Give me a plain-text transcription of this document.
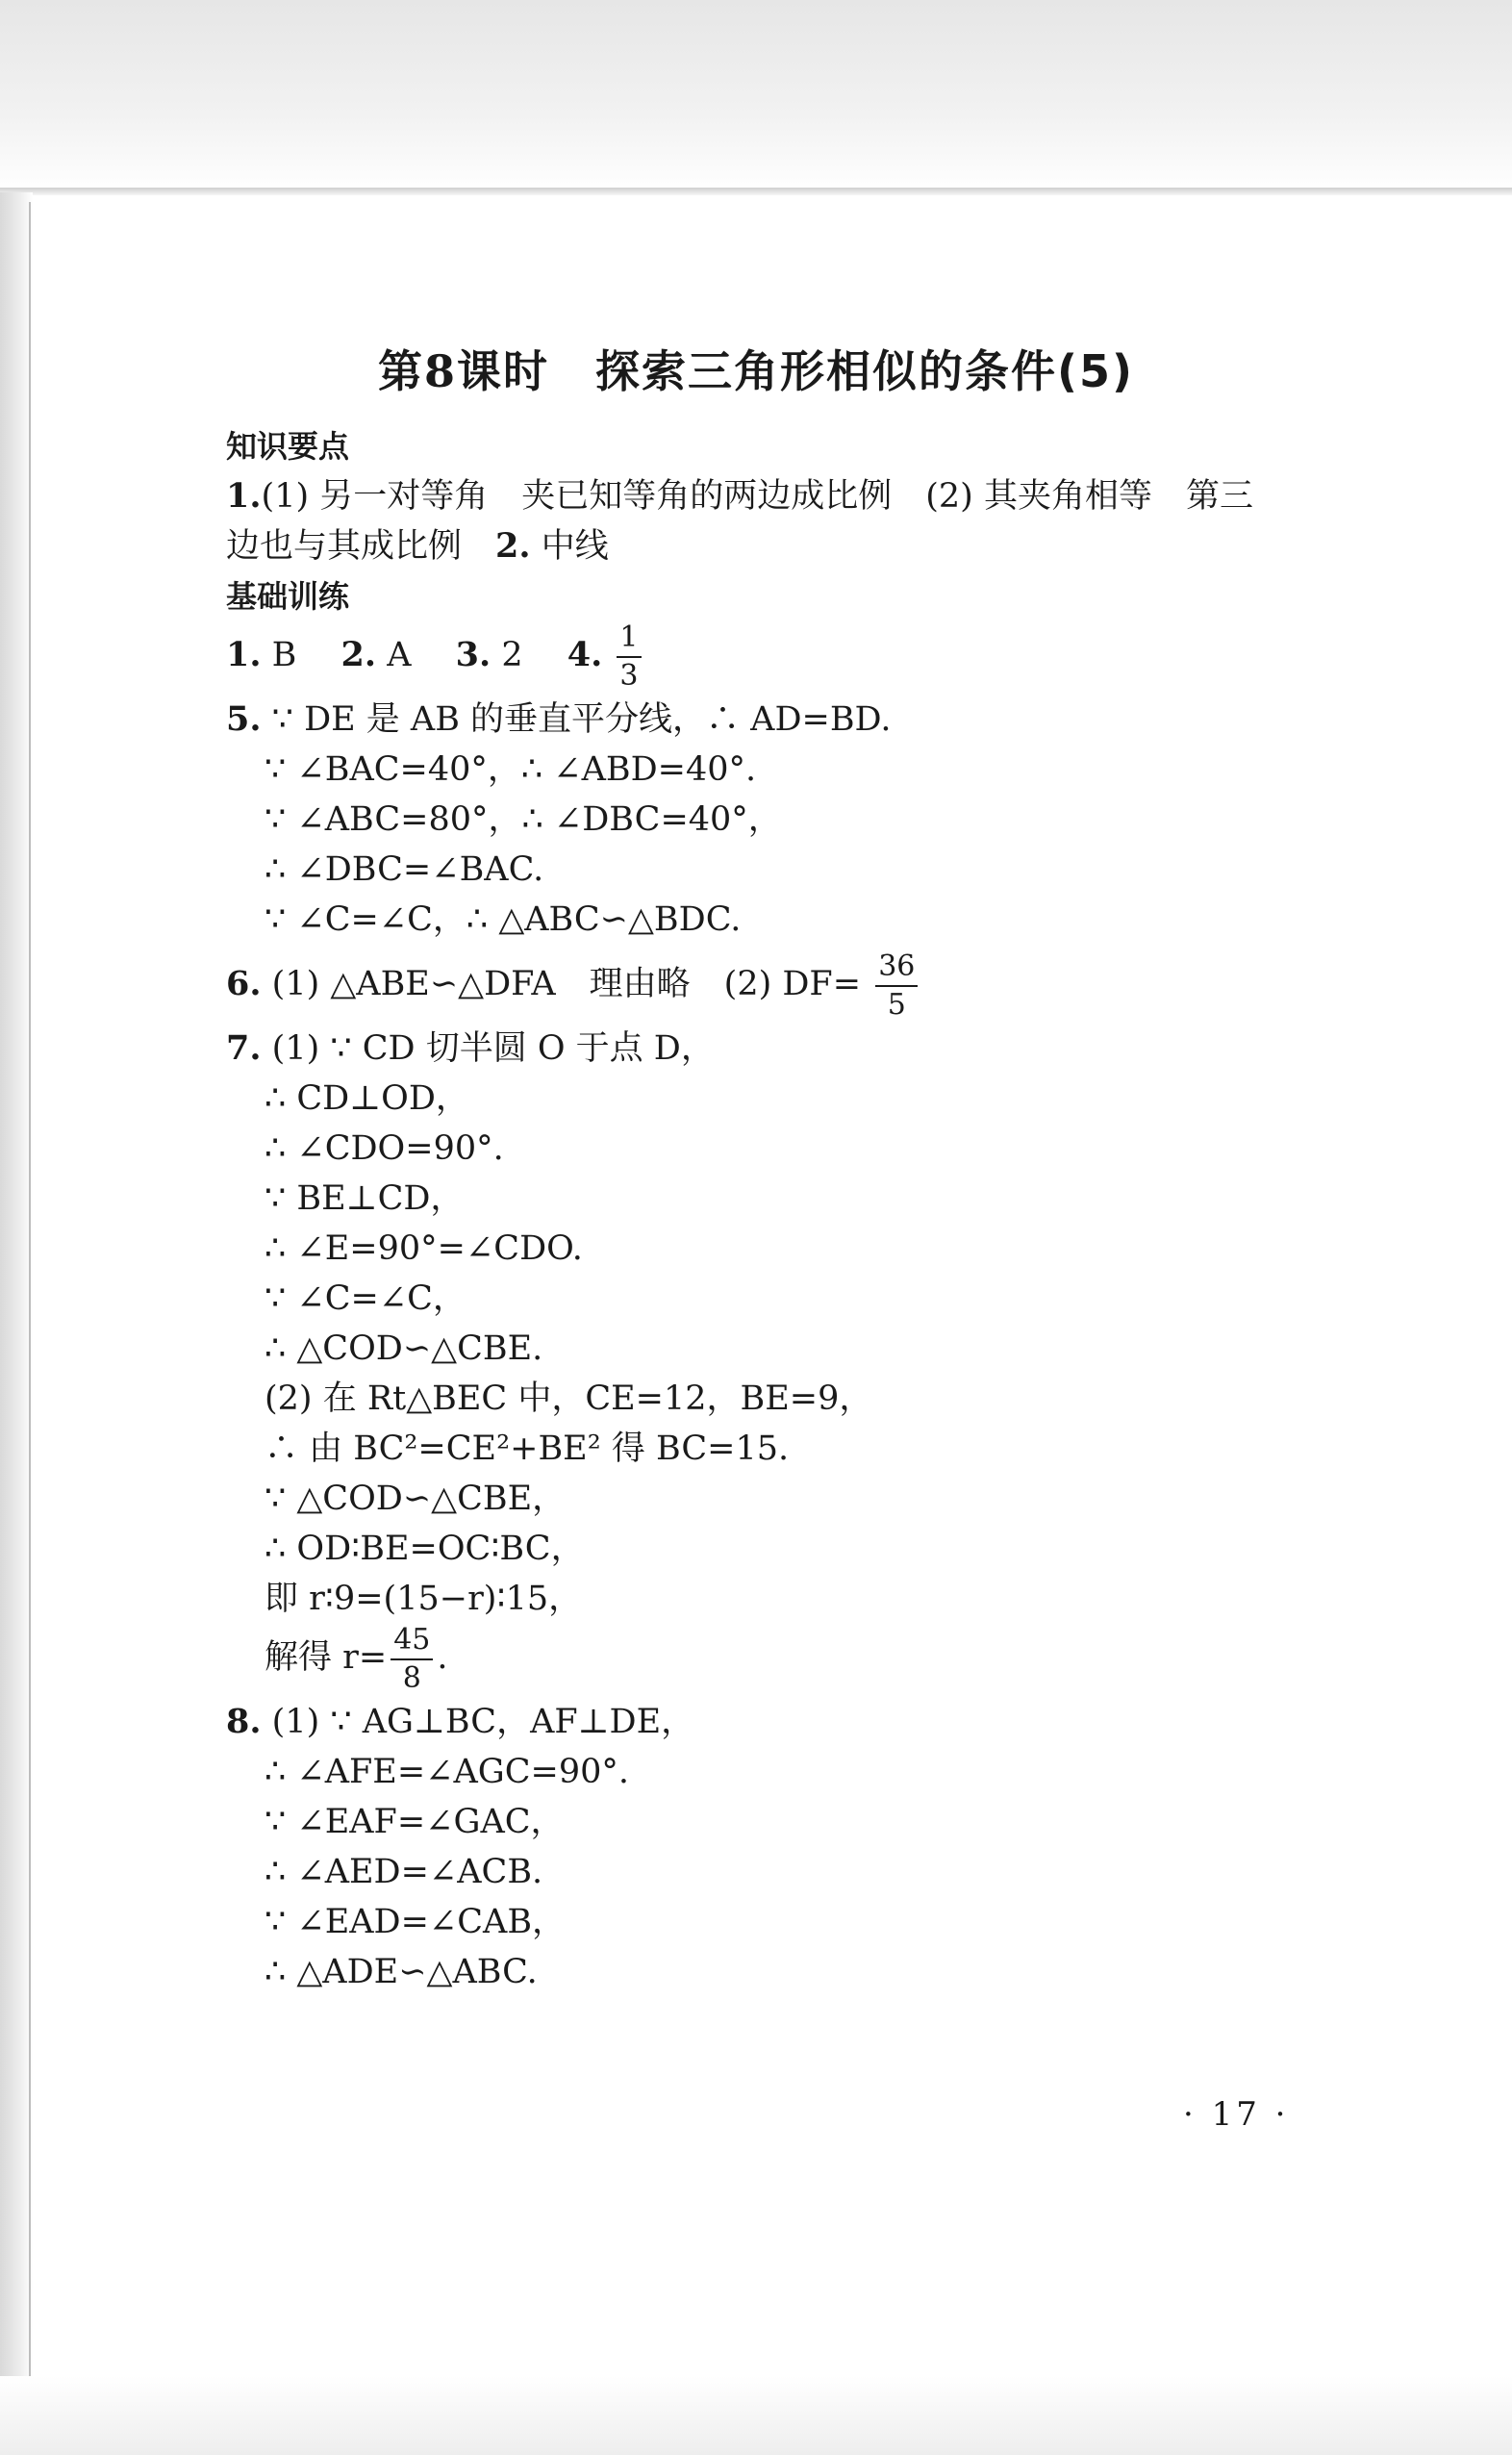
第8课时　探索三角形相似的条件(5)
知识要点
1.(1) 另一对等角　夹已知等角的两边成比例　(2) 其夹角相等　第三
边也与其成比例　2. 中线
基础训练
1. B　 2. A　 3. 2　 4. $\frac{1}{3}$
5. ∵ DE 是 AB 的垂直平分线，∴ AD=BD.
∵ ∠BAC=40°，∴ ∠ABD=40°.
∵ ∠ABC=80°，∴ ∠DBC=40°，
∴ ∠DBC=∠BAC.
∵ ∠C=∠C，∴ △ABC∽△BDC.
6. (1) △ABE∽△DFA　理由略　(2) $DF= \frac{36}{5}$
7. (1) ∵ CD 切半圆 O 于点 D，
∴ CD⊥OD，
∴ ∠CDO=90°.
∵ BE⊥CD，
∴ ∠E=90°=∠CDO.
∵ ∠C=∠C，
∴ △COD∽△CBE.
(2) 在 Rt△BEC 中，CE=12，BE=9，
∴ 由 BC²=CE²+BE² 得 BC=15.
∵ △COD∽△CBE，
∴ OD∶BE=OC∶BC，
即 r∶9=(15−r)∶15，
解得 $r= \frac{45}{8}$ .
8. (1) ∵ AG⊥BC，AF⊥DE，
∴ ∠AFE=∠AGC=90°.
∵ ∠EAF=∠GAC，
∴ ∠AED=∠ACB.
∵ ∠EAD=∠CAB，
∴ △ADE∽△ABC.
· 17 ·
